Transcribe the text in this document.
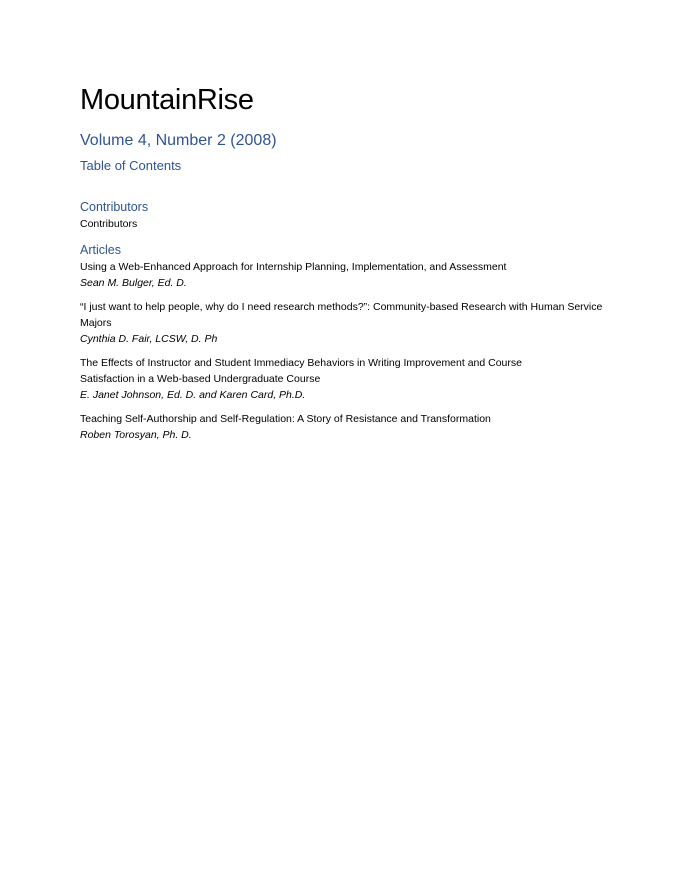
MountainRise
Volume 4, Number 2 (2008)
Table of Contents
Contributors
Contributors
Articles
Using a Web-Enhanced Approach for Internship Planning, Implementation, and Assessment
Sean M. Bulger, Ed. D.
“I just want to help people, why do I need research methods?”: Community-based Research with Human Service Majors
Cynthia D. Fair, LCSW, D. Ph
The Effects of Instructor and Student Immediacy Behaviors in Writing Improvement and Course Satisfaction in a Web-based Undergraduate Course
E. Janet Johnson, Ed. D. and Karen Card, Ph.D.
Teaching Self-Authorship and Self-Regulation: A Story of Resistance and Transformation
Roben Torosyan, Ph. D.
